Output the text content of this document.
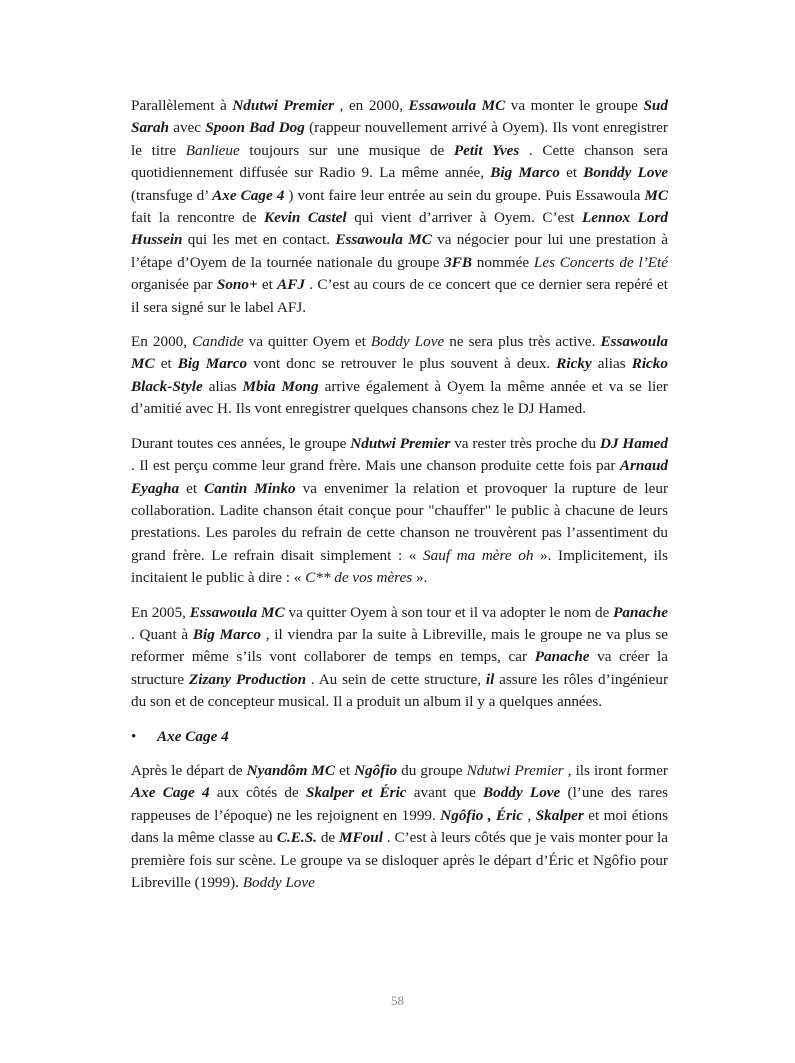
Parallèlement à Ndutwi Premier , en 2000, Essawoula MC va monter le groupe Sud Sarah avec Spoon Bad Dog (rappeur nouvellement arrivé à Oyem). Ils vont enregistrer le titre Banlieue toujours sur une musique de Petit Yves . Cette chanson sera quotidiennement diffusée sur Radio 9. La même année, Big Marco et Bonddy Love (transfuge d’ Axe Cage 4 ) vont faire leur entrée au sein du groupe. Puis Essawoula MC fait la rencontre de Kevin Castel qui vient d’arriver à Oyem. C’est Lennox Lord Hussein qui les met en contact. Essawoula MC va négocier pour lui une prestation à l’étape d’Oyem de la tournée nationale du groupe 3FB nommée Les Concerts de l’Eté organisée par Sono+ et AFJ . C’est au cours de ce concert que ce dernier sera repéré et il sera signé sur le label AFJ.

En 2000, Candide va quitter Oyem et Boddy Love ne sera plus très active. Essawoula MC et Big Marco vont donc se retrouver le plus souvent à deux. Ricky alias Ricko Black-Style alias Mbia Mong arrive également à Oyem la même année et va se lier d’amitié avec H. Ils vont enregistrer quelques chansons chez le DJ Hamed.

Durant toutes ces années, le groupe Ndutwi Premier va rester très proche du DJ Hamed . Il est perçu comme leur grand frère. Mais une chanson produite cette fois par Arnaud Eyagha et Cantin Minko va envenimer la relation et provoquer la rupture de leur collaboration. Ladite chanson était conçue pour "chauffer" le public à chacune de leurs prestations. Les paroles du refrain de cette chanson ne trouvèrent pas l’assentiment du grand frère. Le refrain disait simplement : « Sauf ma mère oh ». Implicitement, ils incitaient le public à dire : « C** de vos mères ».

En 2005, Essawoula MC va quitter Oyem à son tour et il va adopter le nom de Panache . Quant à Big Marco , il viendra par la suite à Libreville, mais le groupe ne va plus se reformer même s’ils vont collaborer de temps en temps, car Panache va créer la structure Zizany Production . Au sein de cette structure, il assure les rôles d’ingénieur du son et de concepteur musical. Il a produit un album il y a quelques années.

•	Axe Cage 4

Après le départ de Nyandôm MC et Ngôfio du groupe Ndutwi Premier , ils iront former Axe Cage 4 aux côtés de Skalper et Éric avant que Boddy Love (l’une des rares rappeuses de l’époque) ne les rejoignent en 1999. Ngôfio , Éric , Skalper et moi étions dans la même classe au C.E.S. de MFoul . C’est à leurs côtés que je vais monter pour la première fois sur scène. Le groupe va se disloquer après le départ d’Éric et Ngôfio pour Libreville (1999). Boddy Love

58
